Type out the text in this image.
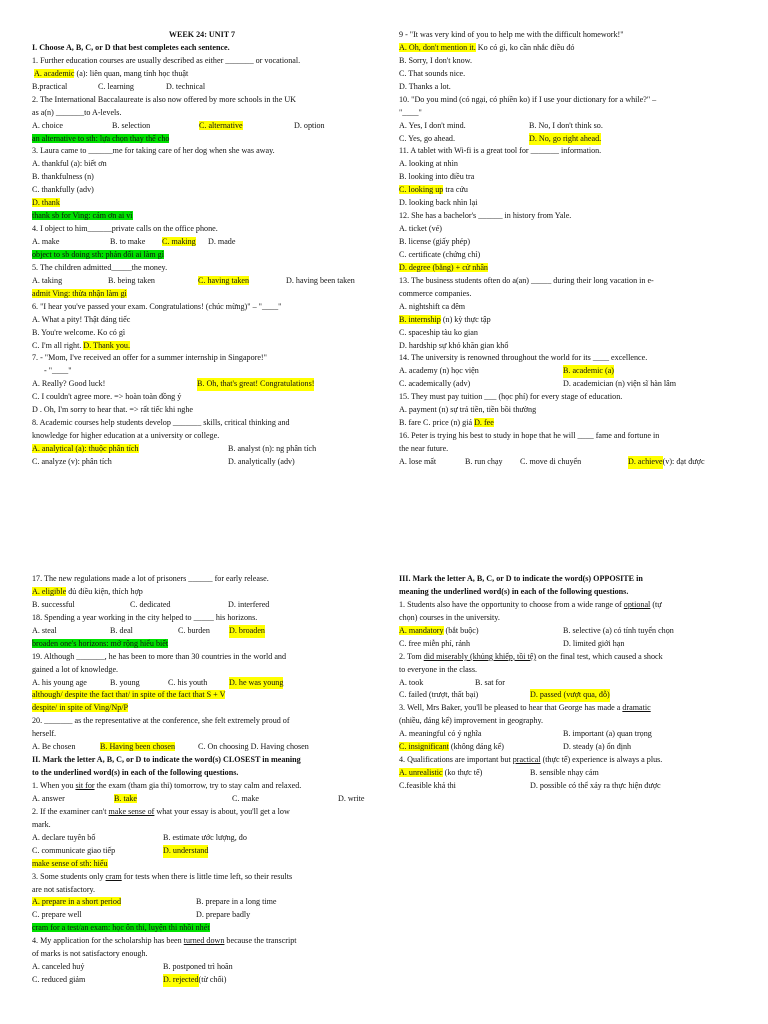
WEEK 24: UNIT 7
I. Choose A, B, C, or D that best completes each sentence.
1. Further education courses are usually described as either _______ or vocational.
A. academic (a): liên quan, mang tính học thuật
B.practical	C. learning	D. technical
2. The International Baccalaureate is also now offered by more schools in the UK
as a(n) _______to A-levels.
A. choice	B. selection	C. alternative	D. option
an alternative to sth: lựa chọn thay thế cho
3. Laura came to ______me for taking care of her dog when she was away.
A. thankful (a): biết ơn
B. thankfulness (n)
C. thankfully (adv)
D. thank
thank sb for Ving: cảm ơn ai vì
4. I object to him______private calls on the office phone.
A. make	B. to make C. making D. made
object to sb doing sth: phản đối ai làm gì
5. The children admitted_____the money.
A. taking	B. being taken	C. having taken	D. having been taken
admit Ving: thừa nhận làm gì
6. "I hear you've passed your exam. Congratulations! (chúc mừng)" – "____"
A. What a pity! Thật đáng tiếc
B. You're welcome. Ko có gì
C. I'm all right. D. Thank you.
7. - "Mom, I've received an offer for a summer internship in Singapore!"
- "____"
A. Really? Good luck!	B. Oh, that's great! Congratulations!
C. I couldn't agree more. => hoàn toàn đồng ý
D . Oh, I'm sorry to hear that. => rất tiếc khi nghe
8. Academic courses help students develop _______ skills, critical thinking and
knowledge for higher education at a university or college.
A. analytical (a): thuộc phân tích	B. analyst (n): ng phân tích
C. analyze (v): phân tích	D. analytically (adv)
9 - "It was very kind of you to help me with the difficult homework!"
A. Oh, don't mention it. Ko có gì, ko cần nhắc điều đó
B. Sorry, I don't know.
C. That sounds nice.
D. Thanks a lot.
10. "Do you mind (có ngại, có phiền ko) if I use your dictionary for a while?" –
"____"
A. Yes, I don't mind.	B. No, I don't think so.
C. Yes, go ahead.	D. No, go right ahead.
11. A tablet with Wi-fi is a great tool for _______ information.
A. looking at nhìn
B. looking into điều tra
C. looking up tra cứu
D. looking back nhìn lại
12. She has a bachelor's ______ in history from Yale.
A. ticket (vé)
B. license (giấy phép)
C. certificate (chứng chỉ)
D. degree (bằng) + cử nhân
13. The business students often do a(an) _____ during their long vacation in e-
commerce companies.
A. nightshift ca đêm
B. internship (n) kỳ thực tập
C. spaceship tàu ko gian
D. hardship sự khó khăn gian khổ
14. The university is renowned throughout the world for its ____ excellence.
A. academy (n) học viện	B. academic (a)
C. academically (adv)	D. academician (n) viện sĩ hàn lâm
15. They must pay tuition ___ (học phí) for every stage of education.
A. payment (n) sự trả tiền, tiền bồi thường
B. fare C. price (n) giá D. fee
16. Peter is trying his best to study in hope that he will ____ fame and fortune in
the near future.
A. lose mất	B. run chạy C. move di chuyển	D. achieve(v): đạt được
17. The new regulations made a lot of prisoners ______ for early release.
A. eligible đủ điều kiện, thích hợp
B. successful	C. dedicated	D. interfered
18. Spending a year working in the city helped to _____ his horizons.
A. steal	B. deal	C. burden D. broaden
broaden one's horizons: mở rộng hiểu biết
19. Although _______, he has been to more than 30 countries in the world and
gained a lot of knowledge.
A. his young age	B. young	C. his youth	D. he was young
although/ despite the fact that/ in spite of the fact that S + V
despite/ in spite of Ving/Np/P
20. _______ as the representative at the conference, she felt extremely proud of
herself.
A. Be chosen	B. Having been chosen	C. On choosing D. Having chosen
II. Mark the letter A, B, C, or D to indicate the word(s) CLOSEST in meaning
to the underlined word(s) in each of the following questions.
1. When you sit for the exam (tham gia thi) tomorrow, try to stay calm and relaxed.
A. answer	B. take	C. make	D. write
2. If the examiner can't make sense of what your essay is about, you'll get a low
mark.
A. declare tuyên bố	B. estimate ước lượng, đo
C. communicate giao tiếp	D. understand
make sense of sth: hiểu
3. Some students only cram for tests when there is little time left, so their results
are not satisfactory.
A. prepare in a short period	B. prepare in a long time
C. prepare well	D. prepare badly
cram for a test/an exam: học ôn thi, luyện thi nhồi nhét
4. My application for the scholarship has been turned down because the transcript
of marks is not satisfactory enough.
A. canceled huỷ	B. postponed trì hoãn
C. reduced giảm	D. rejected(từ chối)
III. Mark the letter A, B, C, or D to indicate the word(s) OPPOSITE in
meaning the underlined word(s) in each of the following questions.
1. Students also have the opportunity to choose from a wide range of optional (tự
chọn) courses in the university.
A. mandatory (bắt buộc)	B. selective (a) có tính tuyển chọn
C. free miễn phí, rảnh	D. limited giới hạn
2. Tom did miserably (khủng khiếp, tồi tệ) on the final test, which caused a shock
to everyone in the class.
A. took	B. sat for
C. failed (trượt, thất bại)	D. passed (vượt qua, đỗ)
3. Well, Mrs Baker, you'll be pleased to hear that George has made a dramatic
(nhiều, đáng kể) improvement in geography.
A. meaningful có ý nghĩa	B. important (a) quan trọng
C. insignificant (không đáng kể)	D. steady (a) ổn định
4. Qualifications are important but practical (thực tế) experience is always a plus.
A. unrealistic (ko thực tế)	B. sensible nhạy cảm
C.feasible khả thi	D. possible có thể xảy ra thực hiện được
